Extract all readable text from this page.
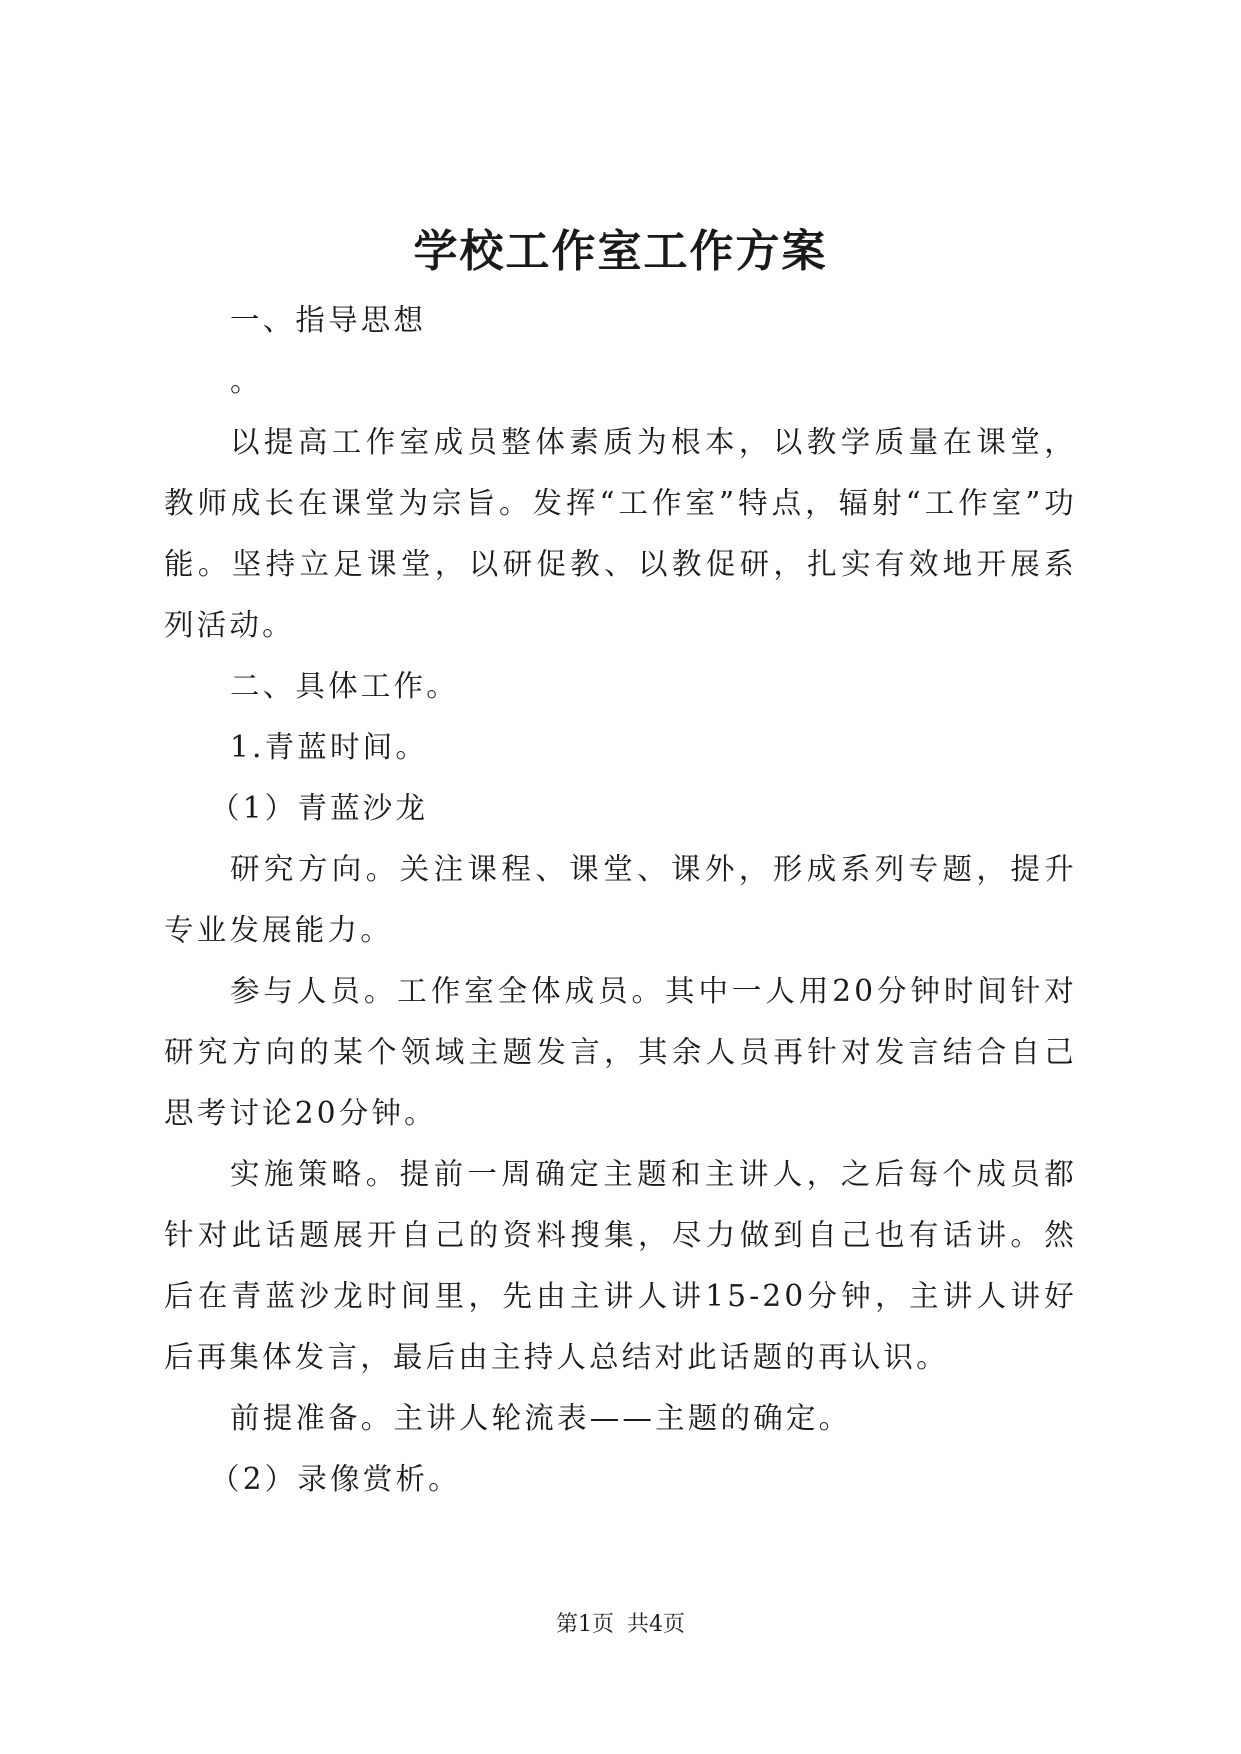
学校工作室工作方案

一、指导思想

。

以提高工作室成员整体素质为根本，以教学质量在课堂，教师成长在课堂为宗旨。发挥“工作室”特点，辐射“工作室”功能。坚持立足课堂，以研促教、以教促研，扎实有效地开展系列活动。

二、具体工作。

1.青蓝时间。

（1）青蓝沙龙

研究方向。关注课程、课堂、课外，形成系列专题，提升专业发展能力。

参与人员。工作室全体成员。其中一人用20分钟时间针对研究方向的某个领域主题发言，其余人员再针对发言结合自己思考讨论20分钟。

实施策略。提前一周确定主题和主讲人，之后每个成员都针对此话题展开自己的资料搜集，尽力做到自己也有话讲。然后在青蓝沙龙时间里，先由主讲人讲15-20分钟，主讲人讲好后再集体发言，最后由主持人总结对此话题的再认识。

前提准备。主讲人轮流表——主题的确定。

（2）录像赏析。

第1页 共4页
